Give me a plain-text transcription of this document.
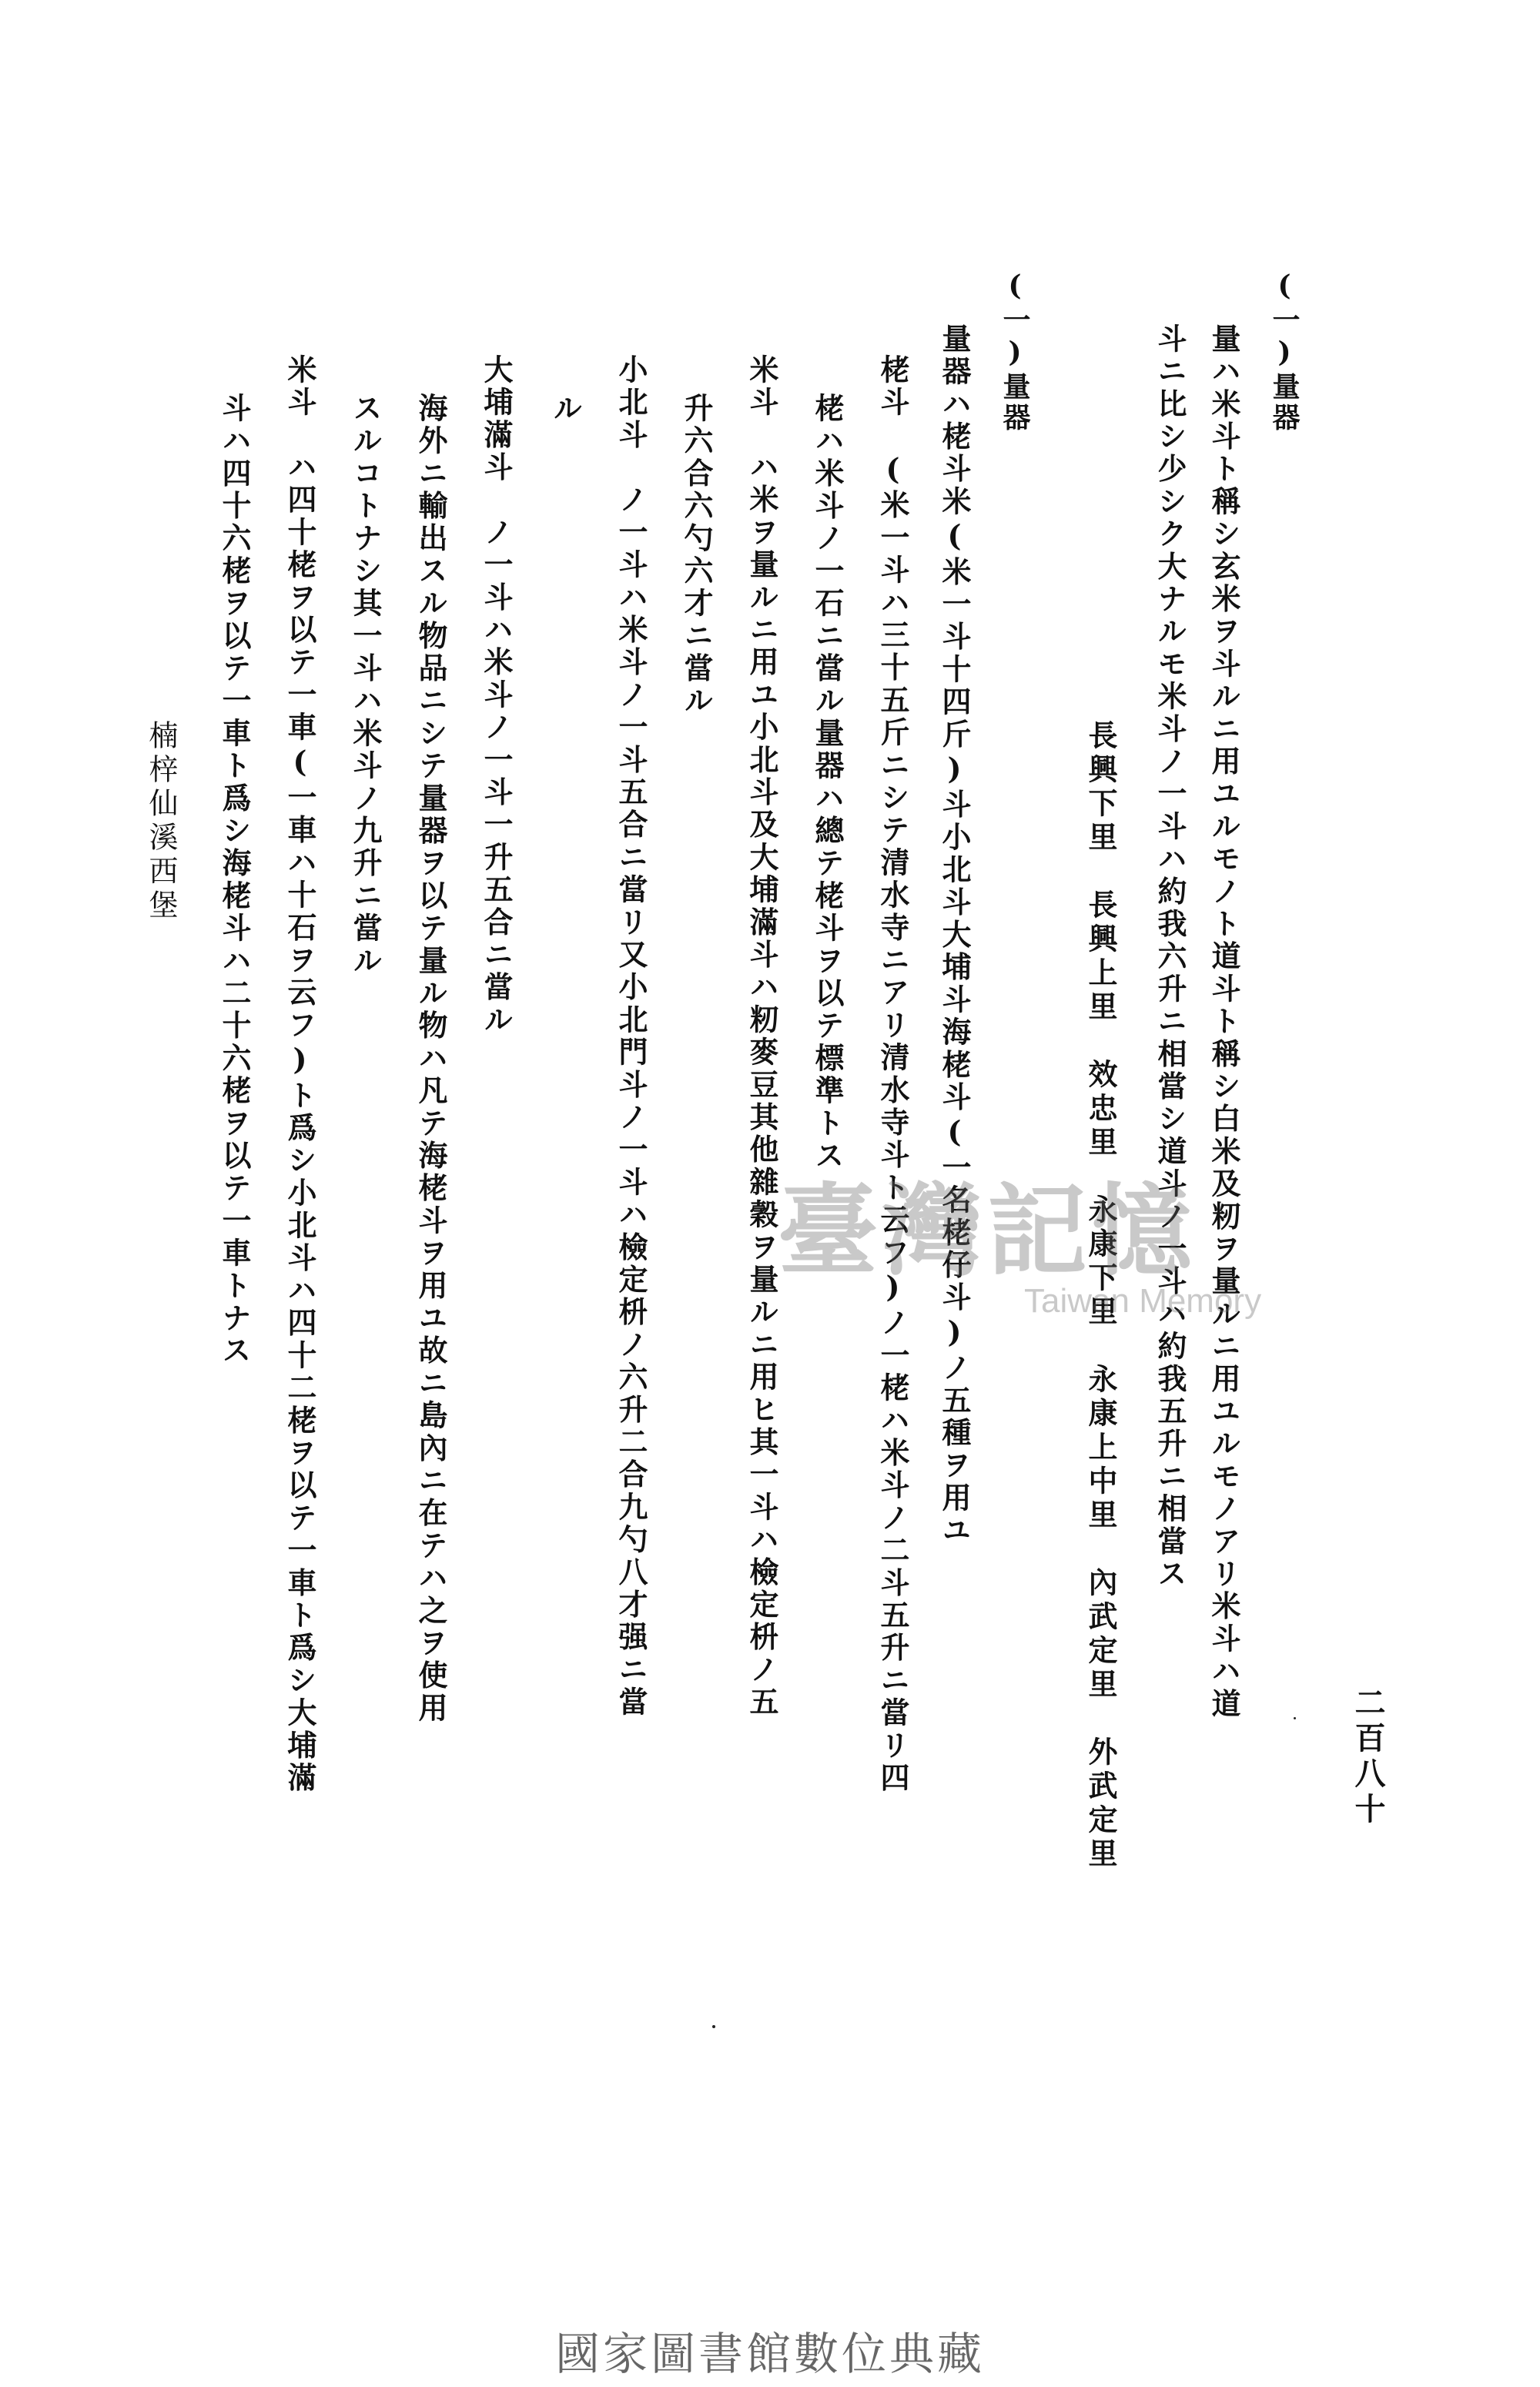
二百八十
(一)量器
量ハ米斗ト稱シ玄米ヲ斗ルニ用ユルモノト道斗ト稱シ白米及籾ヲ量ルニ用ユルモノアリ米斗ハ道
斗ニ比シ少シク大ナルモ米斗ノ一斗ハ約我六升ニ相當シ道斗ノ一斗ハ約我五升ニ相當ス
長興下里　長興上里　效忠里　永康下里　永康上中里　內武定里　外武定里
(一)量器
量器ハ栳斗米(米一斗十四斤)斗小北斗大埔斗海栳斗(一名栳仔斗)ノ五種ヲ用ユ
栳斗　(米一斗ハ三十五斤ニシテ清水寺ニアリ清水寺斗ト云フ)ノ一栳ハ米斗ノ二斗五升ニ當リ四
栳ハ米斗ノ一石ニ當ル量器ハ總テ栳斗ヲ以テ標準トス
米斗　ハ米ヲ量ルニ用ユ小北斗及大埔滿斗ハ籾麥豆其他雜穀ヲ量ルニ用ヒ其一斗ハ檢定枡ノ五
升六合六勺六才ニ當ル
小北斗　ノ一斗ハ米斗ノ一斗五合ニ當リ又小北門斗ノ一斗ハ檢定枡ノ六升二合九勺八才强ニ當
ル
大埔滿斗　ノ一斗ハ米斗ノ一斗一升五合ニ當ル
海外ニ輸出スル物品ニシテ量器ヲ以テ量ル物ハ凡テ海栳斗ヲ用ユ故ニ島內ニ在テハ之ヲ使用
スルコトナシ其一斗ハ米斗ノ九升ニ當ル
米斗　ハ四十栳ヲ以テ一車(一車ハ十石ヲ云フ)ト爲シ小北斗ハ四十二栳ヲ以テ一車ト爲シ大埔滿
斗ハ四十六栳ヲ以テ一車ト爲シ海栳斗ハ二十六栳ヲ以テ一車トナス
楠梓仙溪西堡
臺灣記憶
Taiwan Memory
國家圖書館數位典藏
